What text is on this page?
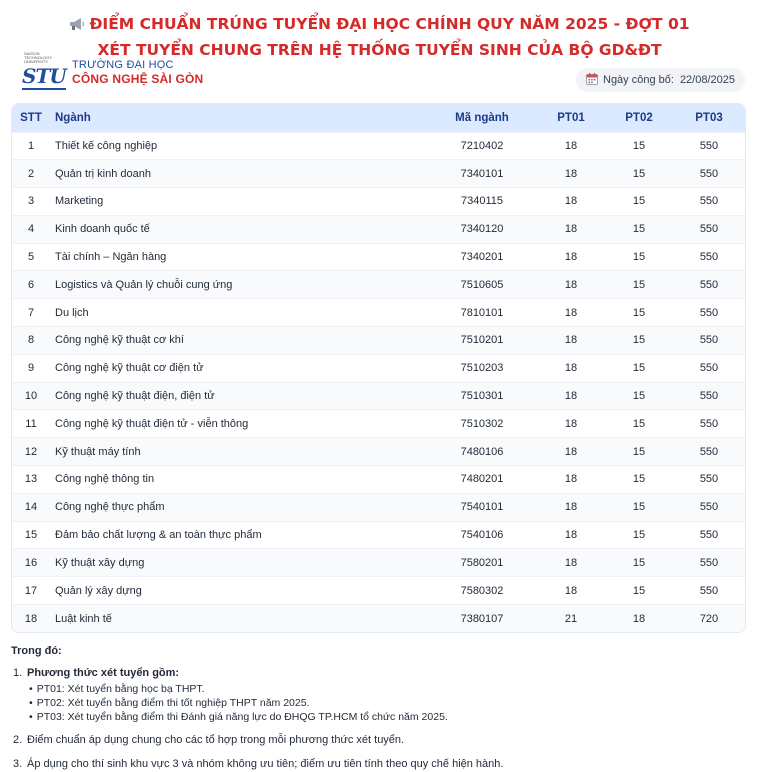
ĐIỂM CHUẨN TRÚNG TUYỂN ĐẠI HỌC CHÍNH QUY NĂM 2025 - ĐỢT 01
XÉT TUYỂN CHUNG TRÊN HỆ THỐNG TUYỂN SINH CỦA BỘ GD&ĐT
SAIGON
TECHNOLOGY
UNIVERSITY
STU TRƯỜNG ĐẠI HỌC
CÔNG NGHỆ SÀI GÒN	Ngày công bố: 22/08/2025
STT	Ngành	Mã ngành	PT01	PT02	PT03
1	Thiết kế công nghiệp	7210402	18	15	550
2	Quản trị kinh doanh	7340101	18	15	550
3	Marketing	7340115	18	15	550
4	Kinh doanh quốc tế	7340120	18	15	550
5	Tài chính – Ngân hàng	7340201	18	15	550
6	Logistics và Quản lý chuỗi cung ứng	7510605	18	15	550
7	Du lịch	7810101	18	15	550
8	Công nghệ kỹ thuật cơ khí	7510201	18	15	550
9	Công nghệ kỹ thuật cơ điện tử	7510203	18	15	550
10	Công nghệ kỹ thuật điện, điện tử	7510301	18	15	550
11	Công nghệ kỹ thuật điện tử - viễn thông	7510302	18	15	550
12	Kỹ thuật máy tính	7480106	18	15	550
13	Công nghệ thông tin	7480201	18	15	550
14	Công nghệ thực phẩm	7540101	18	15	550
15	Đảm bảo chất lượng & an toàn thực phẩm	7540106	18	15	550
16	Kỹ thuật xây dựng	7580201	18	15	550
17	Quản lý xây dựng	7580302	18	15	550
18	Luật kinh tế	7380107	21	18	720
Trong đó:
1. Phương thức xét tuyển gồm:
• PT01: Xét tuyển bằng học bạ THPT.
• PT02: Xét tuyển bằng điểm thi tốt nghiệp THPT năm 2025.
• PT03: Xét tuyển bằng điểm thi Đánh giá năng lực do ĐHQG TP.HCM tổ chức năm 2025.
2. Điểm chuẩn áp dụng chung cho các tổ hợp trong mỗi phương thức xét tuyển.
3. Áp dụng cho thí sinh khu vực 3 và nhóm không ưu tiên; điểm ưu tiên tính theo quy chế hiện hành.
